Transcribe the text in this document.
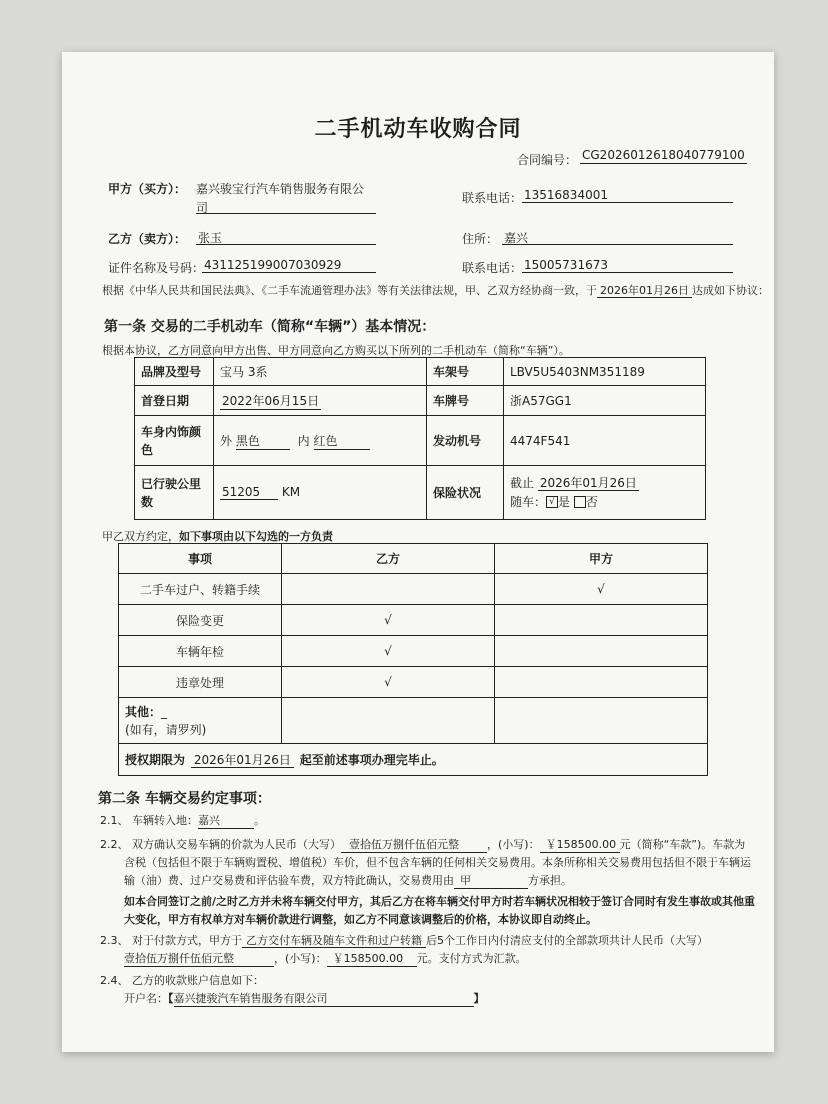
二手机动车收购合同
合同编号： CG2026012618040779100
甲方（买方）： 嘉兴骏宝行汽车销售服务有限公
司
联系电话： 13516834001
乙方（卖方）： 张玉	住所： 嘉兴
证件名称及号码： 431125199007030929	联系电话： 15005731673
根据《中华人民共和国民法典》、《二手车流通管理办法》等有关法律法规，甲、乙双方经协商一致，于 2026年01月26日 达成如下协议：
第一条 交易的二手机动车（简称“车辆”）基本情况：
根据本协议，乙方同意向甲方出售、甲方同意向乙方购买以下所列的二手机动车（简称“车辆”）。
品牌及型号	宝马 3系	车架号	LBV5U5403NM351189
首登日期	2022年06月15日	车牌号	浙A57GG1
车身内饰颜色	外 黑色 内 红色	发动机号	4474F541
已行驶公里数	51205 KM	保险状况	截止 2026年01月26日
随车： √ 是 否
甲乙双方约定，如下事项由以下勾选的一方负责
事项	乙方	甲方
二手车过户、转籍手续		√
保险变更	√	
车辆年检	√	
违章处理	√	

其他：_
(如有，请罗列)		

授权期限为 2026年01月26日 起至前述事项办理完毕止。		
第二条 车辆交易约定事项：
2.1、 车辆转入地：嘉兴	。
2.2、 双方确认交易车辆的价款为人民币（大写） 壹拾伍万捌仟伍佰元整	，(小写)： ￥158500.00 元（简称“车款”)。车款为
含税（包括但不限于车辆购置税、增值税）车价，但不包含车辆的任何相关交易费用。本条所称相关交易费用包括但不限于车辆运
输（油）费、过户交易费和评估验车费，双方特此确认，交易费用由 甲	方承担。
如本合同签订之前/之时乙方并未将车辆交付甲方，其后乙方在将车辆交付甲方时若车辆状况相较于签订合同时有发生事故或其他重
大变化，甲方有权单方对车辆价款进行调整，如乙方不同意该调整后的价格，本协议即自动终止。
2.3、 对于付款方式，甲方于 乙方交付车辆及随车文件和过户转籍 后5个工作日内付清应支付的全部款项共计人民币（大写）
壹拾伍万捌仟伍佰元整	，(小写)： ￥158500.00 元。支付方式为汇款。
2.4、 乙方的收款账户信息如下：
开户名：【嘉兴捷骏汽车销售服务有限公司	】
